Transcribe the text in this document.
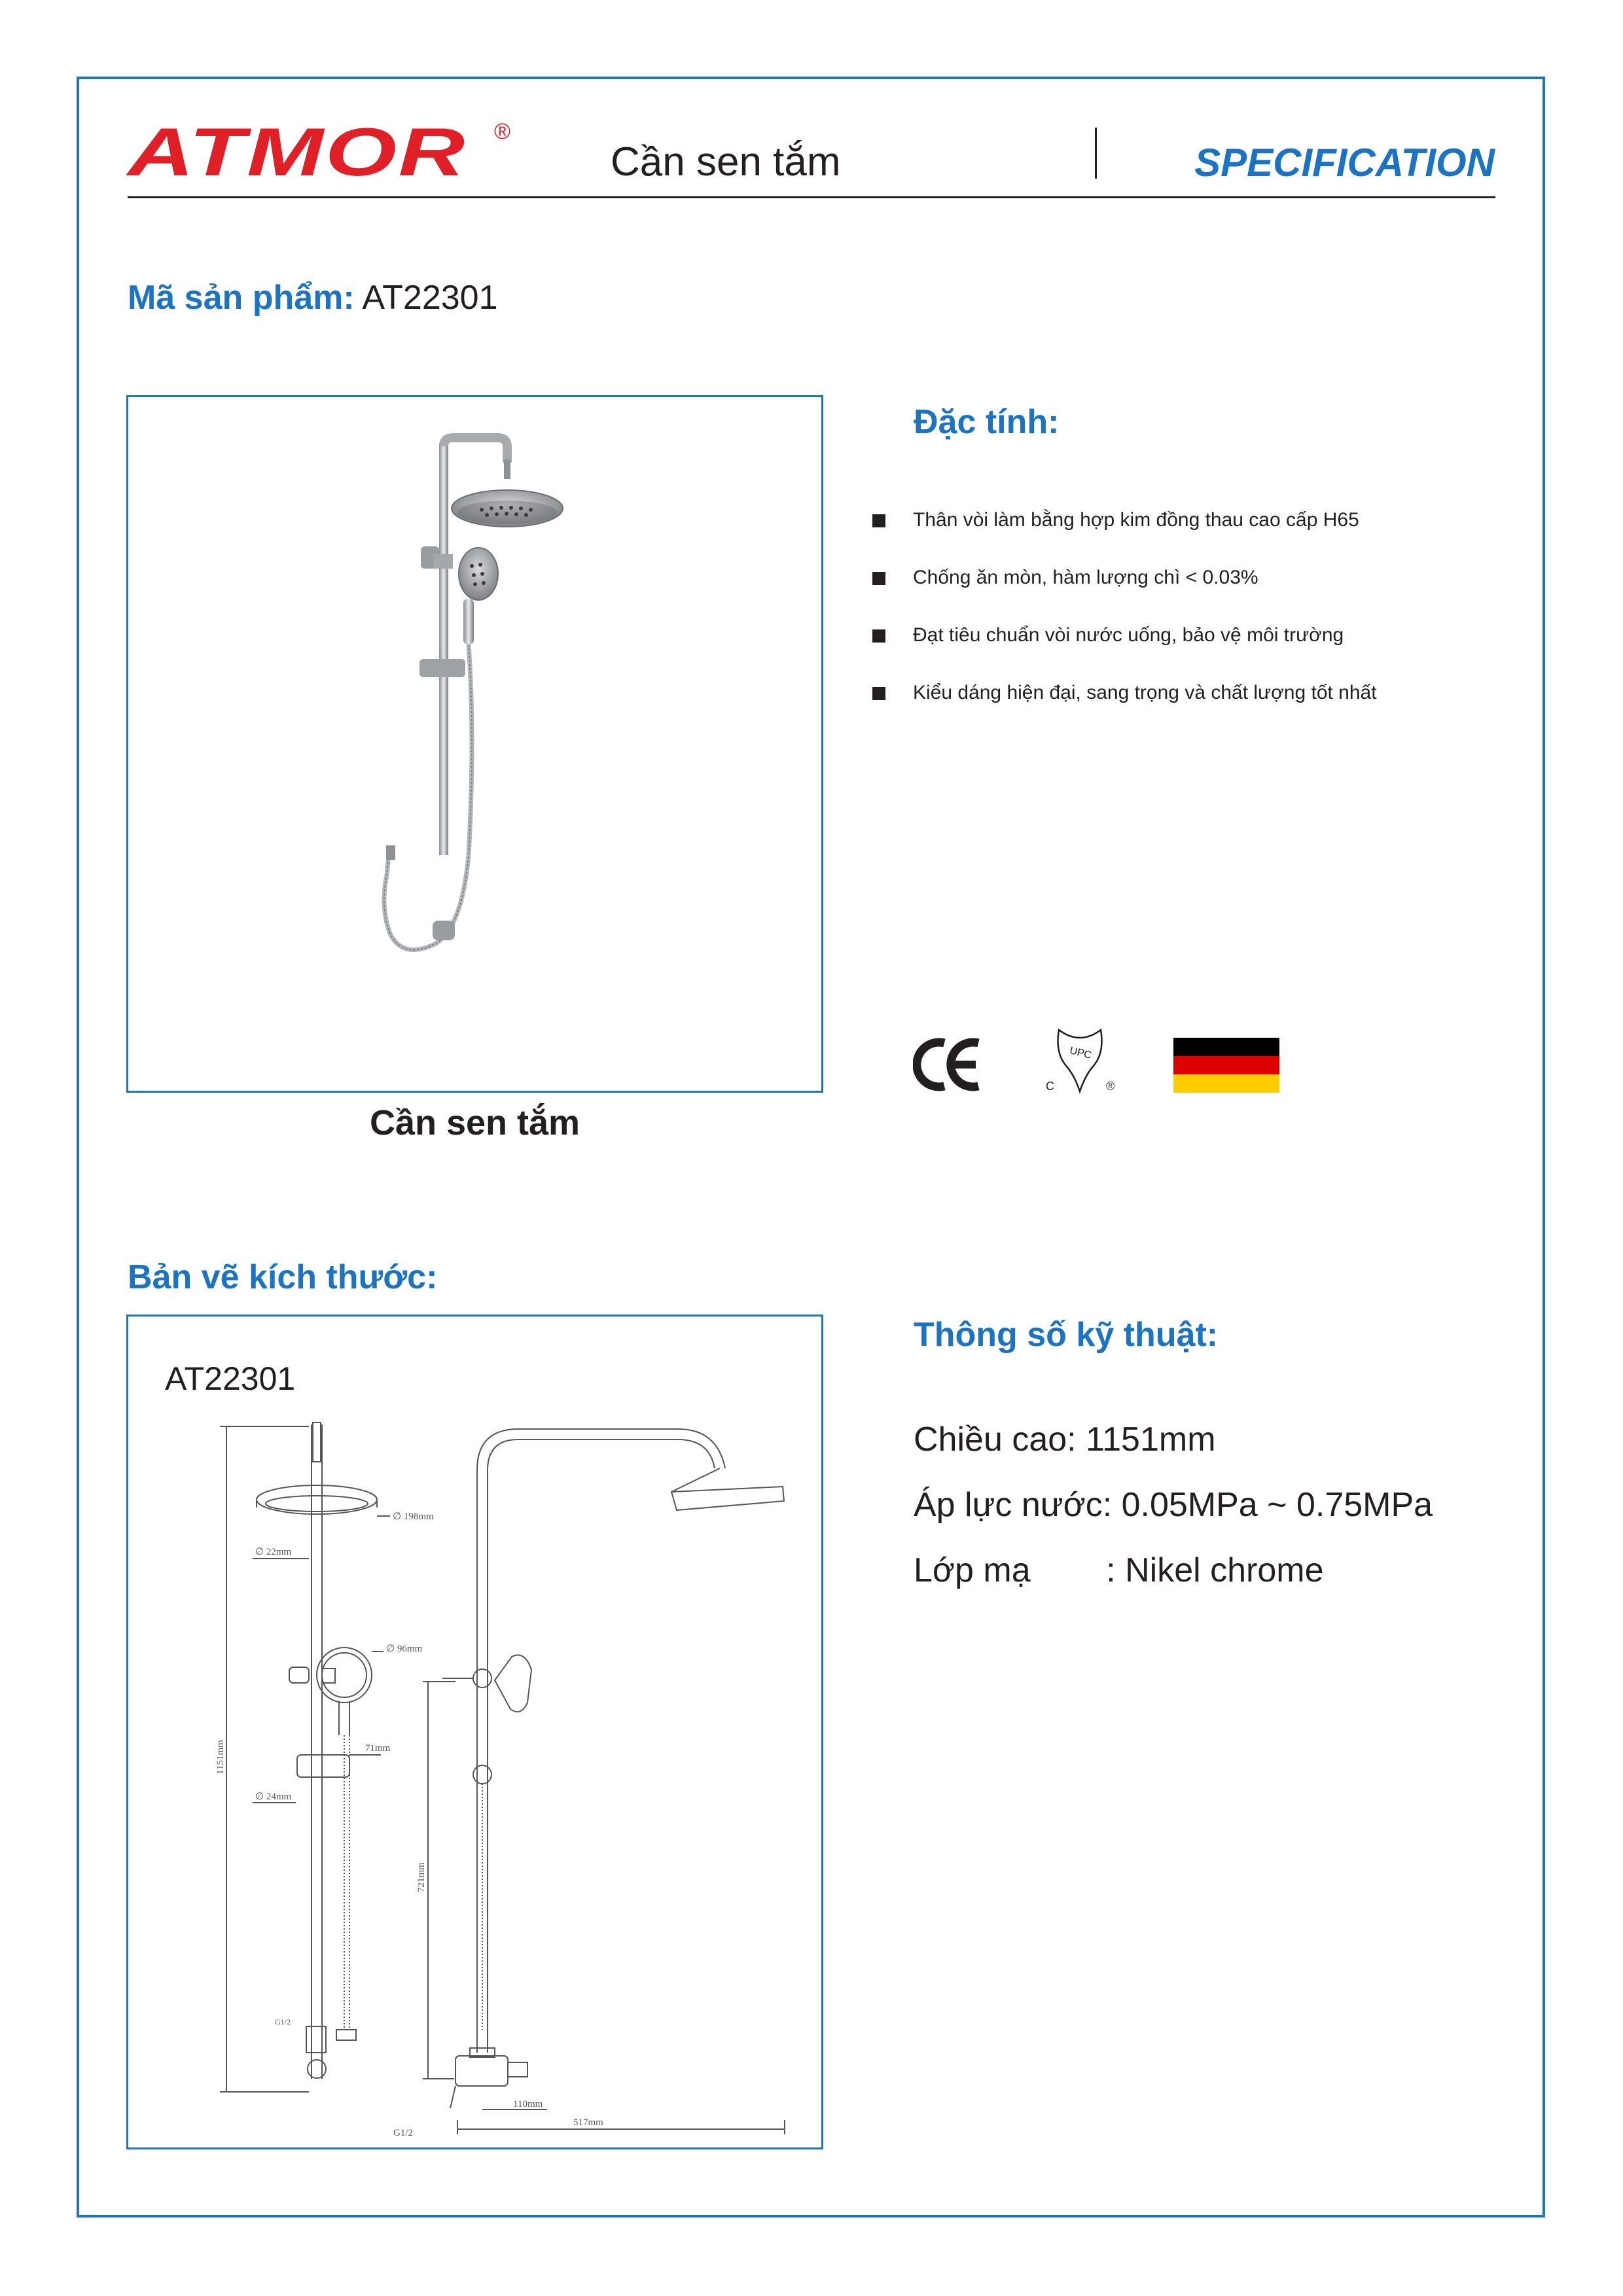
ATMOR ®
Cần sen tắm	SPECIFICATION
Mã sản phẩm: AT22301
Cần sen tắm
Đặc tính:
Thân vòi làm bằng hợp kim đồng thau cao cấp H65
Chống ăn mòn, hàm lượng chì < 0.03%
Đạt tiêu chuẩn vòi nước uống, bảo vệ môi trường
Kiểu dáng hiện đại, sang trọng và chất lượng tốt nhất
UPC
C	®
Bản vẽ kích thước:
∅ 198mm
∅ 22mm
∅ 96mm
71mm
∅ 24mm
1151mm
721mm
G1/2
110mm
G1/2
517mm
AT22301
Thông số kỹ thuật:
Chiều cao: 1151mm
Áp lực nước: 0.05MPa ~ 0.75MPa
Lớp mạ        : Nikel chrome
